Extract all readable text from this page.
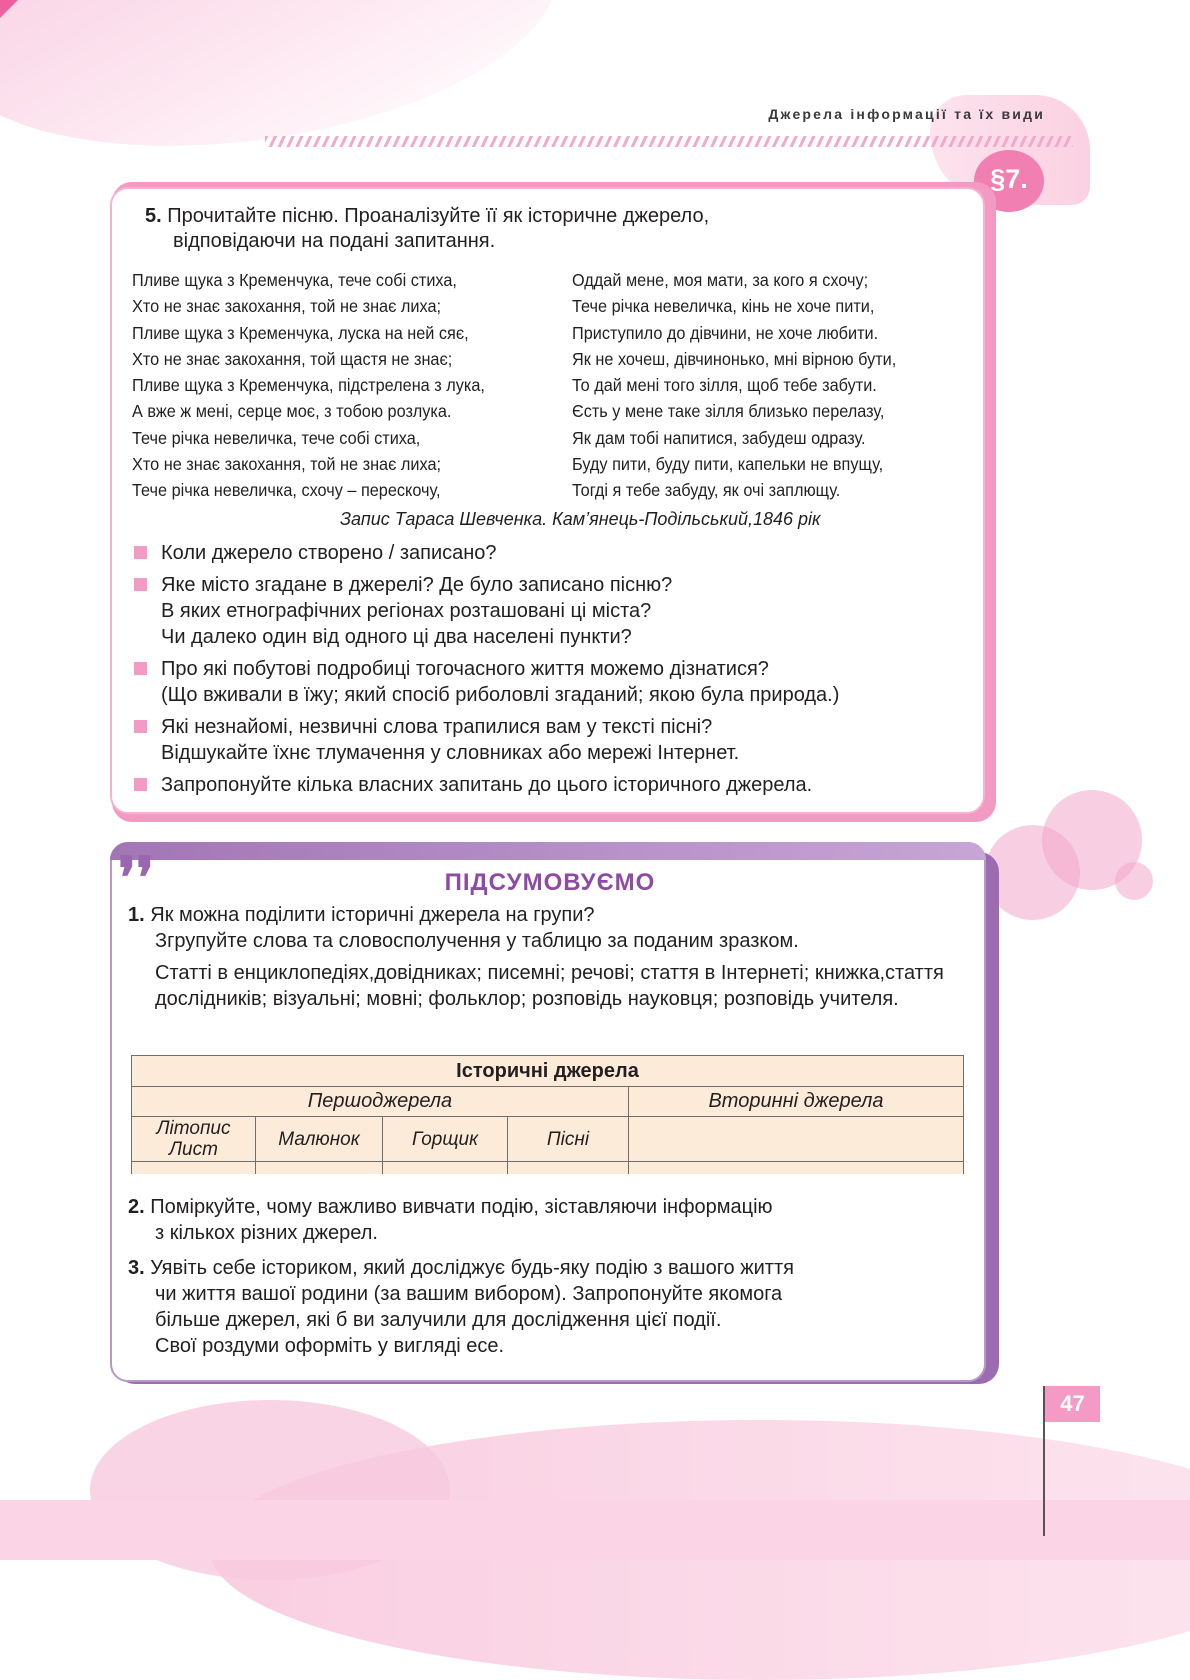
Джерела інформації та їх види
§7.
5. Прочитайте пісню. Проаналізуйте її як історичне джерело,
відповідаючи на подані запитання.
Пливе щука з Кременчука, тече собі стиха,
Хто не знає закохання, той не знає лиха;
Пливе щука з Кременчука, луска на ней сяє,
Хто не знає закохання, той щастя не знає;
Пливе щука з Кременчука, підстрелена з лука,
А вже ж мені, серце моє, з тобою розлука.
Тече річка невеличка, тече собі стиха,
Хто не знає закохання, той не знає лиха;
Тече річка невеличка, схочу – перескочу,
Оддай мене, моя мати, за кого я схочу;
Тече річка невеличка, кінь не хоче пити,
Приступило до дівчини, не хоче любити.
Як не хочеш, дівчинонько, мні вірною бути,
То дай мені того зілля, щоб тебе забути.
Єсть у мене таке зілля близько перелазу,
Як дам тобі напитися, забудеш одразу.
Буду пити, буду пити, капельки не впущу,
Тогді я тебе забуду, як очі заплющу.
Запис Тараса Шевченка. Кам’янець-Подільський,1846 рік
Коли джерело створено / записано?
Яке місто згадане в джерелі? Де було записано пісню?
В яких етнографічних регіонах розташовані ці міста?
Чи далеко один від одного ці два населені пункти?
Про які побутові подробиці тогочасного життя можемо дізнатися?
(Що вживали в їжу; який спосіб риболовлі згаданий; якою була природа.)
Які незнайомі, незвичні слова трапилися вам у тексті пісні?
Відшукайте їхнє тлумачення у словниках або мережі Інтернет.
Запропонуйте кілька власних запитань до цього історичного джерела.
❜❜	ПІДСУМОВУЄМО
1. Як можна поділити історичні джерела на групи?
Згрупуйте слова та словосполучення у таблицю за поданим зразком.
Статті в енциклопедіях,довідниках; писемні; речові; стаття в Інтернеті; книжка,стаття дослідників; візуальні; мовні; фольклор; розповідь науковця; розповідь учителя.
Історичні джерела				
Першоджерела				Вторинні джерела
Літопис Лист	Малюнок	Горщик	Пісні	

2. Поміркуйте, чому важливо вивчати подію, зіставляючи інформацію
з кількох різних джерел.
3. Уявіть себе істориком, який досліджує будь-яку подію з вашого життя
чи життя вашої родини (за вашим вибором). Запропонуйте якомога
більше джерел, які б ви залучили для дослідження цієї події.
Свої роздуми оформіть у вигляді есе.
47
